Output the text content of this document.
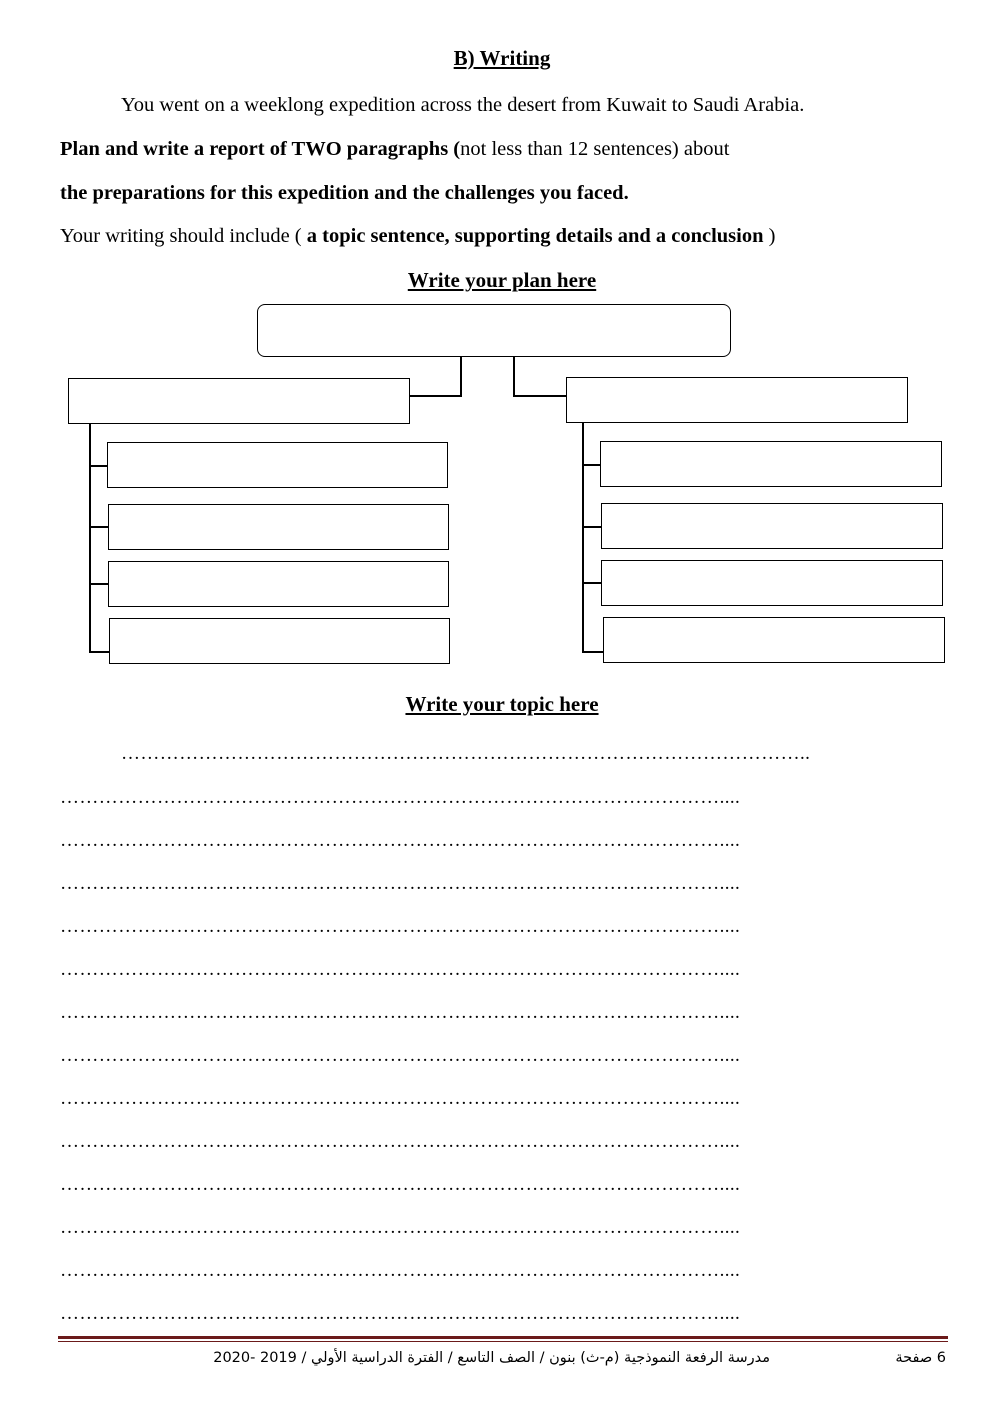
B) Writing
You went on a weeklong expedition across the desert from Kuwait to Saudi Arabia.
Plan and write a report of TWO paragraphs (not less than 12 sentences) about
the preparations for this expedition and the challenges you faced.
Your writing should include ( a topic sentence, supporting details and a conclusion )
Write your plan here
Write your topic here
……………………………………………………………………………………………..
…………………………………………………………………………………………....
…………………………………………………………………………………………....
…………………………………………………………………………………………....
…………………………………………………………………………………………....
…………………………………………………………………………………………....
…………………………………………………………………………………………....
…………………………………………………………………………………………....
…………………………………………………………………………………………....
…………………………………………………………………………………………....
…………………………………………………………………………………………....
…………………………………………………………………………………………....
…………………………………………………………………………………………....
…………………………………………………………………………………………....
مدرسة الرفعة النموذجية (م-ث) بنون / الصف التاسع / الفترة الدراسية الأولي / 2019 -2020	6 صفحة
